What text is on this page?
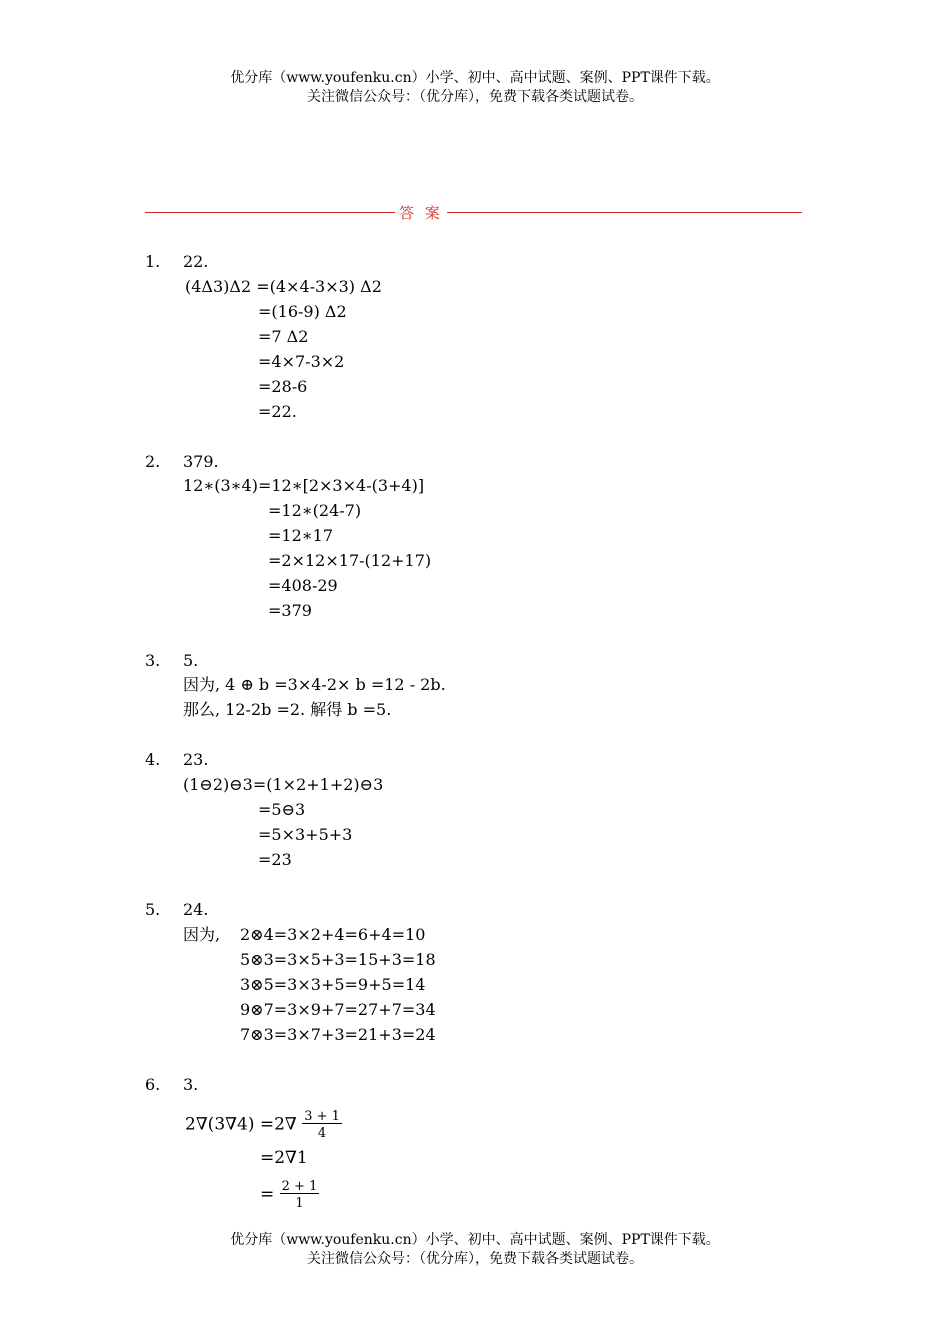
优分库（www.youfenku.cn）小学、初中、高中试题、案例、PPT课件下载。
关注微信公众号：（优分库），免费下载各类试题试卷。
答 案
1. 22.
(4Δ3)Δ2 =(4×4-3×3) Δ2
=(16-9) Δ2
=7 Δ2
=4×7-3×2
=28-6
=22.
2. 379.
12∗(3∗4)=12∗[2×3×4-(3+4)]
=12∗(24-7)
=12∗17
=2×12×17-(12+17)
=408-29
=379
3. 5.
因为, 4 ⊕ b =3×4-2× b =12 - 2b.
那么, 12-2b =2. 解得 b =5.
4. 23.
(1⊖2)⊖3=(1×2+1+2)⊖3
=5⊖3
=5×3+5+3
=23
5. 24.
因为, 2⊗4=3×2+4=6+4=10
5⊗3=3×5+3=15+3=18
3⊗5=3×3+5=9+5=14
9⊗7=3×9+7=27+7=34
7⊗3=3×7+3=21+3=24
6. 3.
$2\nabla(3\nabla 4) =2\nabla \frac{3 + 1}{4}$
=2∇1
= $\frac{2 + 1}{1}$
优分库（www.youfenku.cn）小学、初中、高中试题、案例、PPT课件下载。
关注微信公众号：（优分库），免费下载各类试题试卷。
